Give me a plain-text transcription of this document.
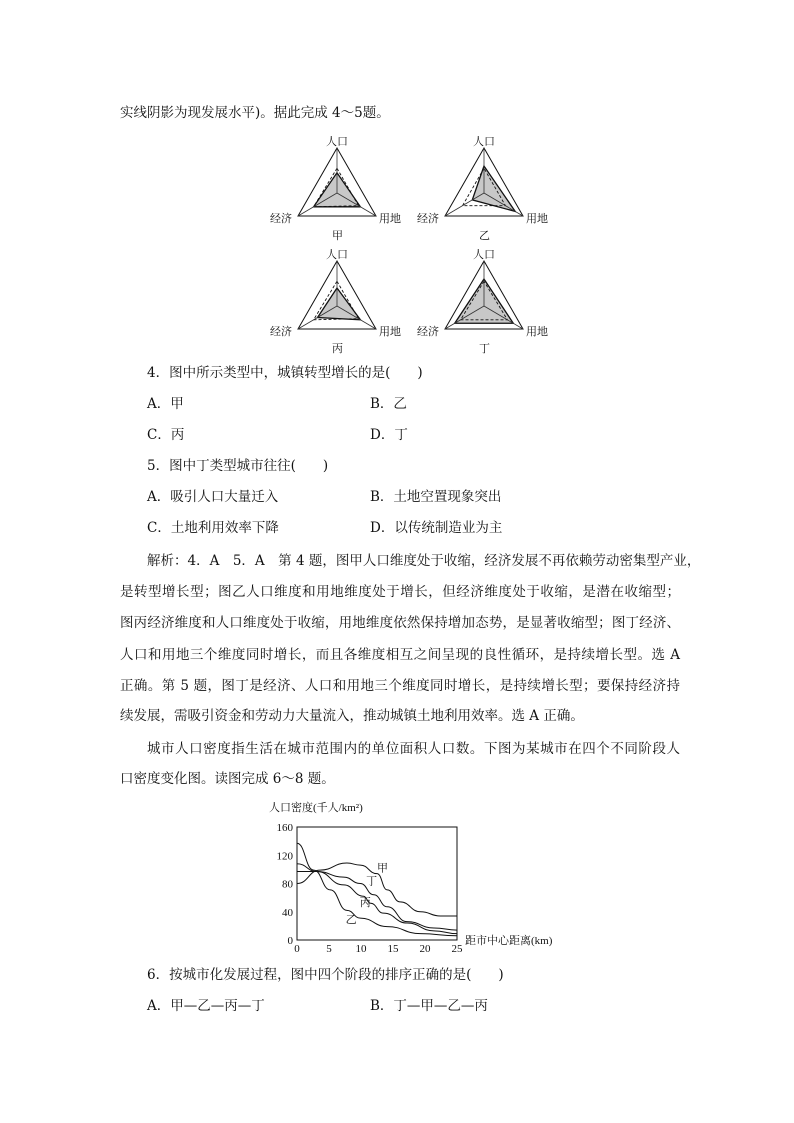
实线阴影为现发展水平)。据此完成 4～5题。
人口
经济	用地
甲
人口
经济	用地
乙
人口
经济	用地
丙
人口
经济	用地
丁
4．图中所示类型中，城镇转型增长的是(　　)
A．甲	B．乙
C．丙	D．丁
5．图中丁类型城市往往(　　)
A．吸引人口大量迁入	B．土地空置现象突出
C．土地利用效率下降	D．以传统制造业为主
解析：4．A　5．A　第 4 题，图甲人口维度处于收缩，经济发展不再依赖劳动密集型产业，
是转型增长型；图乙人口维度和用地维度处于增长，但经济维度处于收缩，是潜在收缩型；
图丙经济维度和人口维度处于收缩，用地维度依然保持增加态势，是显著收缩型；图丁经济、
人口和用地三个维度同时增长，而且各维度相互之间呈现的良性循环，是持续增长型。选 A
正确。第 5 题，图丁是经济、人口和用地三个维度同时增长，是持续增长型；要保持经济持
续发展，需吸引资金和劳动力大量流入，推动城镇土地利用效率。选 A 正确。
城市人口密度指生活在城市范围内的单位面积人口数。下图为某城市在四个不同阶段人
口密度变化图。读图完成 6～8 题。
人口密度(千人/km²)
距市中心距离(km)
0
40
80
120
160
0 5 10 15 20 25
甲
丁
丙
乙
6．按城市化发展过程，图中四个阶段的排序正确的是(　　)
A．甲—乙—丙—丁	B．丁—甲—乙—丙
